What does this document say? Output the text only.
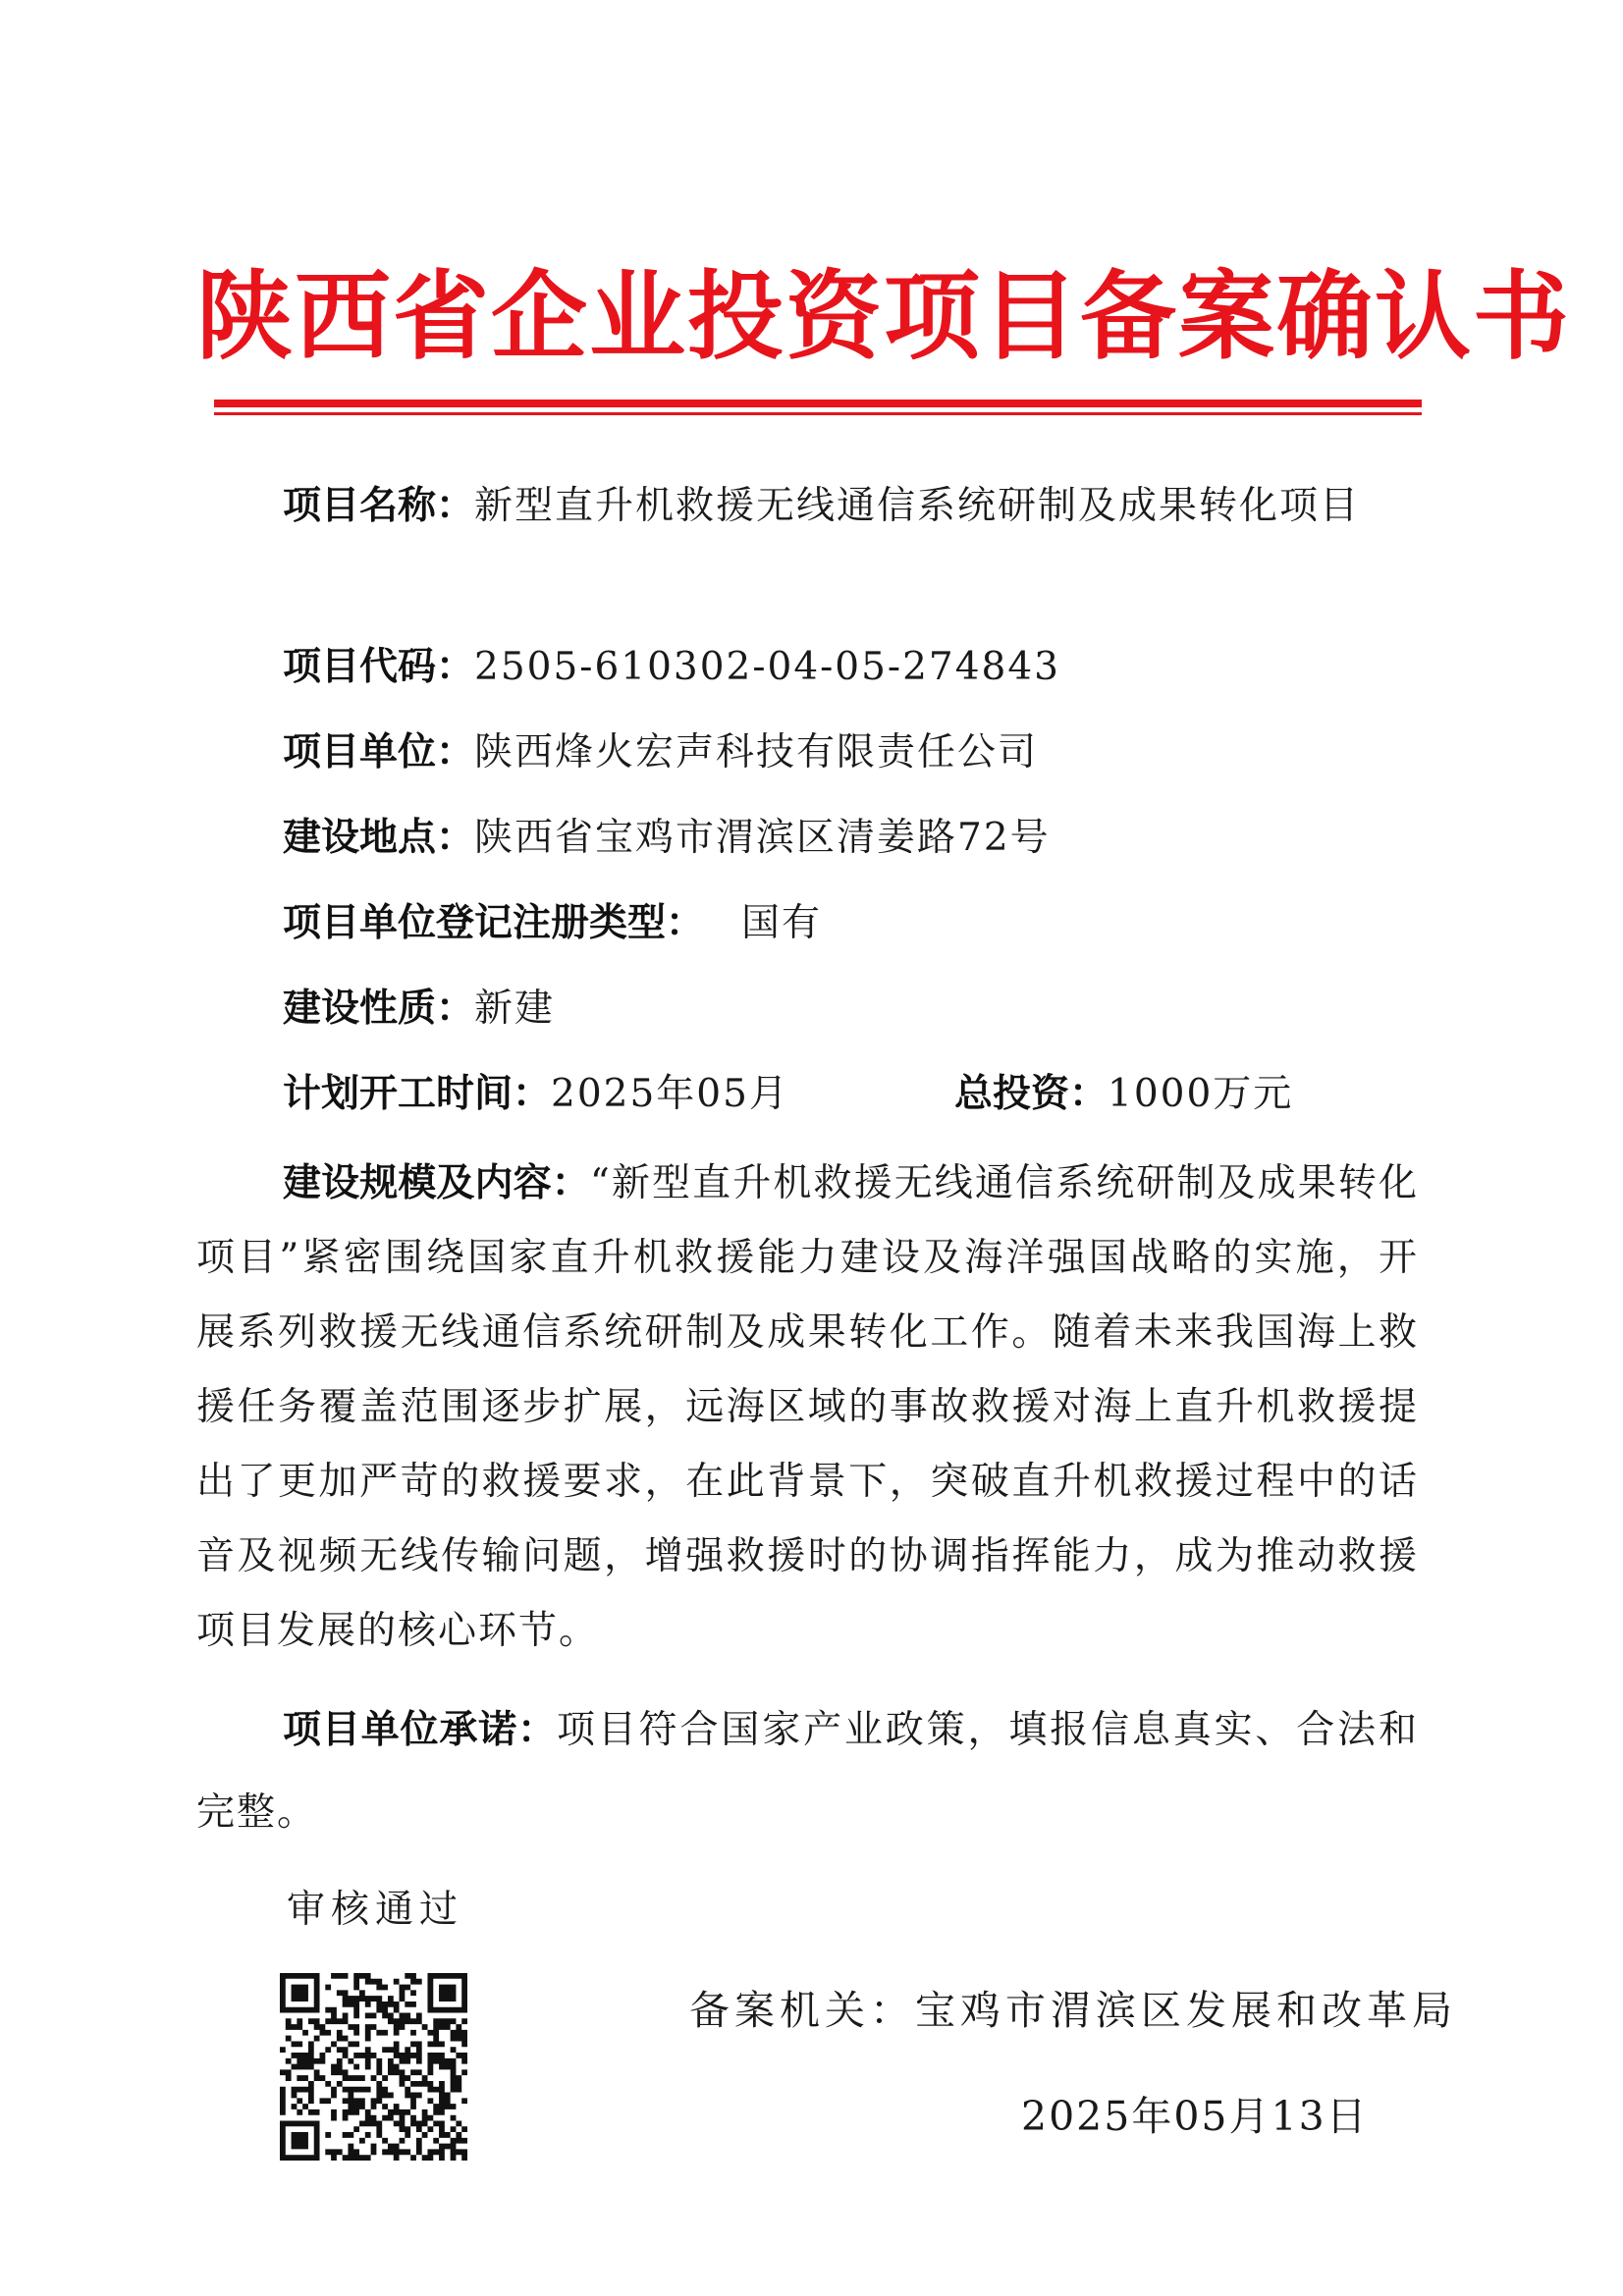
陕西省企业投资项目备案确认书

项目名称：新型直升机救援无线通信系统研制及成果转化项目

项目代码：2505-610302-04-05-274843

项目单位：陕西烽火宏声科技有限责任公司

建设地点：陕西省宝鸡市渭滨区清姜路72号

项目单位登记注册类型： 国有

建设性质：新建

计划开工时间：2025年05月	总投资：1000万元

建设规模及内容：“新型直升机救援无线通信系统研制及成果转化项目”紧密围绕国家直升机救援能力建设及海洋强国战略的实施，开展系列救援无线通信系统研制及成果转化工作。随着未来我国海上救援任务覆盖范围逐步扩展，远海区域的事故救援对海上直升机救援提出了更加严苛的救援要求，在此背景下，突破直升机救援过程中的话音及视频无线传输问题，增强救援时的协调指挥能力，成为推动救援项目发展的核心环节。

项目单位承诺：项目符合国家产业政策，填报信息真实、合法和完整。

审核通过

备案机关：宝鸡市渭滨区发展和改革局

2025年05月13日
